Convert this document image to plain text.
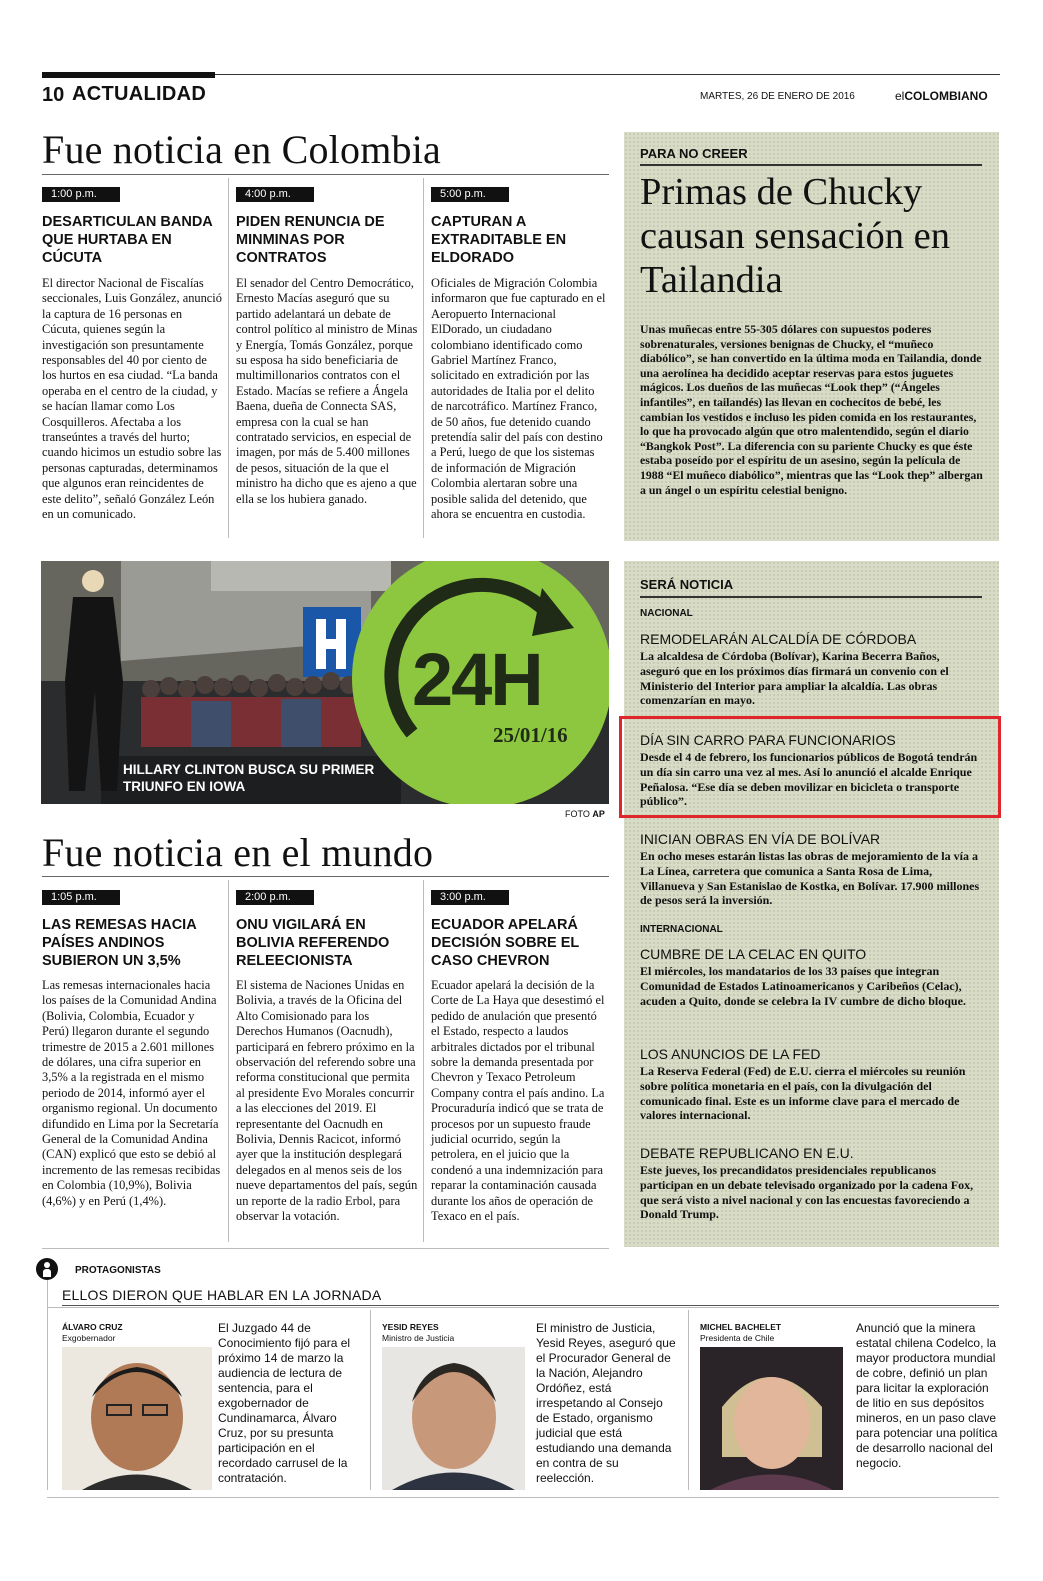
10 ACTUALIDAD	MARTES, 26 DE ENERO DE 2016	elCOLOMBIANO
Fue noticia en Colombia
1:00 p.m.
DESARTICULAN BANDA QUE HURTABA EN CÚCUTA
El director Nacional de Fiscalías seccionales, Luis González, anunció la captura de 16 personas en Cúcuta, quienes según la investigación son presuntamente responsables del 40 por ciento de los hurtos en esa ciudad. “La banda operaba en el centro de la ciudad, y se hacían llamar como Los Cosquilleros. Afectaba a los transeúntes a través del hurto; cuando hicimos un estudio sobre las personas capturadas, determinamos que algunos eran reincidentes de este delito”, señaló González León en un comunicado.
4:00 p.m.
PIDEN RENUNCIA DE MINMINAS POR CONTRATOS
El senador del Centro Democrático, Ernesto Macías aseguró que su partido adelantará un debate de control político al ministro de Minas y Energía, Tomás González, porque su esposa ha sido beneficiaria de multimillonarios contratos con el Estado. Macías se refiere a Ángela Baena, dueña de Connecta SAS, empresa con la cual se han contratado servicios, en especial de imagen, por más de 5.400 millones de pesos, situación de la que el ministro ha dicho que es ajeno a que ella se los hubiera ganado.
5:00 p.m.
CAPTURAN A EXTRADITABLE EN ELDORADO
Oficiales de Migración Colombia informaron que fue capturado en el Aeropuerto Internacional ElDorado, un ciudadano colombiano identificado como Gabriel Martínez Franco, solicitado en extradición por las autoridades de Italia por el delito de narcotráfico. Martínez Franco, de 50 años, fue detenido cuando pretendía salir del país con destino a Perú, luego de que los sistemas de información de Migración Colombia alertaran sobre una posible salida del detenido, que ahora se encuentra en custodia.
PARA NO CREER
Primas de Chucky causan sensación en Tailandia
Unas muñecas entre 55-305 dólares con supuestos poderes sobrenaturales, versiones benignas de Chucky, el “muñeco diabólico”, se han convertido en la última moda en Tailandia, donde una aerolínea ha decidido aceptar reservas para estos juguetes mágicos. Los dueños de las muñecas “Look thep” (“Ángeles infantiles”, en tailandés) las llevan en cochecitos de bebé, les cambian los vestidos e incluso les piden comida en los restaurantes, lo que ha provocado algún que otro malentendido, según el diario “Bangkok Post”. La diferencia con su pariente Chucky es que éste estaba poseído por el espíritu de un asesino, según la película de 1988 “El muñeco diabólico”, mientras que las “Look thep” albergan a un ángel o un espíritu celestial benigno.
24H
25/01/16
HILLARY CLINTON BUSCA SU PRIMER TRIUNFO EN IOWA
FOTO AP
SERÁ NOTICIA
NACIONAL
REMODELARÁN ALCALDÍA DE CÓRDOBA
La alcaldesa de Córdoba (Bolívar), Karina Becerra Baños, aseguró que en los próximos días firmará un convenio con el Ministerio del Interior para ampliar la alcaldía. Las obras comenzarían en mayo.
DÍA SIN CARRO PARA FUNCIONARIOS
Desde el 4 de febrero, los funcionarios públicos de Bogotá tendrán un día sin carro una vez al mes. Así lo anunció el alcalde Enrique Peñalosa. “Ese día se deben movilizar en bicicleta o transporte público”.
INICIAN OBRAS EN VÍA DE BOLÍVAR
En ocho meses estarán listas las obras de mejoramiento de la vía a La Línea, carretera que comunica a Santa Rosa de Lima, Villanueva y San Estanislao de Kostka, en Bolívar. 17.900 millones de pesos será la inversión.
INTERNACIONAL
CUMBRE DE LA CELAC EN QUITO
El miércoles, los mandatarios de los 33 países que integran Comunidad de Estados Latinoamericanos y Caribeños (Celac), acuden a Quito, donde se celebra la IV cumbre de dicho bloque.
LOS ANUNCIOS DE LA FED
La Reserva Federal (Fed) de E.U. cierra el miércoles su reunión sobre política monetaria en el país, con la divulgación del comunicado final. Este es un informe clave para el mercado de valores internacional.
DEBATE REPUBLICANO EN E.U.
Este jueves, los precandidatos presidenciales republicanos participan en un debate televisado organizado por la cadena Fox, que será visto a nivel nacional y con las encuestas favoreciendo a Donald Trump.
Fue noticia en el mundo
1:05 p.m.
LAS REMESAS HACIA PAÍSES ANDINOS SUBIERON UN 3,5%
Las remesas internacionales hacia los países de la Comunidad Andina (Bolivia, Colombia, Ecuador y Perú) llegaron durante el segundo trimestre de 2015 a 2.601 millones de dólares, una cifra superior en 3,5% a la registrada en el mismo periodo de 2014, informó ayer el organismo regional. Un documento difundido en Lima por la Secretaría General de la Comunidad Andina (CAN) explicó que esto se debió al incremento de las remesas recibidas en Colombia (10,9%), Bolivia (4,6%) y en Perú (1,4%).
2:00 p.m.
ONU VIGILARÁ EN BOLIVIA REFERENDO RELEECIONISTA
El sistema de Naciones Unidas en Bolivia, a través de la Oficina del Alto Comisionado para los Derechos Humanos (Oacnudh), participará en febrero próximo en la observación del referendo sobre una reforma constitucional que permita al presidente Evo Morales concurrir a las elecciones del 2019. El representante del Oacnudh en Bolivia, Dennis Racicot, informó ayer que la institución desplegará delegados en al menos seis de los nueve departamentos del país, según un reporte de la radio Erbol, para observar la votación.
3:00 p.m.
ECUADOR APELARÁ DECISIÓN SOBRE EL CASO CHEVRON
Ecuador apelará la decisión de la Corte de La Haya que desestimó el pedido de anulación que presentó el Estado, respecto a laudos arbitrales dictados por el tribunal sobre la demanda presentada por Chevron y Texaco Petroleum Company contra el país andino. La Procuraduría indicó que se trata de procesos por un supuesto fraude judicial ocurrido, según la petrolera, en el juicio que la condenó a una indemnización para reparar la contaminación causada durante los años de operación de Texaco en el país.
PROTAGONISTAS
ELLOS DIERON QUE HABLAR EN LA JORNADA
ÁLVARO CRUZ
Exgobernador
El Juzgado 44 de Conocimiento fijó para el próximo 14 de marzo la audiencia de lectura de sentencia, para el exgobernador de Cundinamarca, Álvaro Cruz, por su presunta participación en el recordado carrusel de la contratación.
YESID REYES
Ministro de Justicia
El ministro de Justicia, Yesid Reyes, aseguró que el Procurador General de la Nación, Alejandro Ordóñez, está irrespetando al Consejo de Estado, organismo judicial que está estudiando una demanda en contra de su reelección.
MICHEL BACHELET
Presidenta de Chile
Anunció que la minera estatal chilena Codelco, la mayor productora mundial de cobre, definió un plan para licitar la exploración de litio en sus depósitos mineros, en un paso clave para potenciar una política de desarrollo nacional del negocio.
